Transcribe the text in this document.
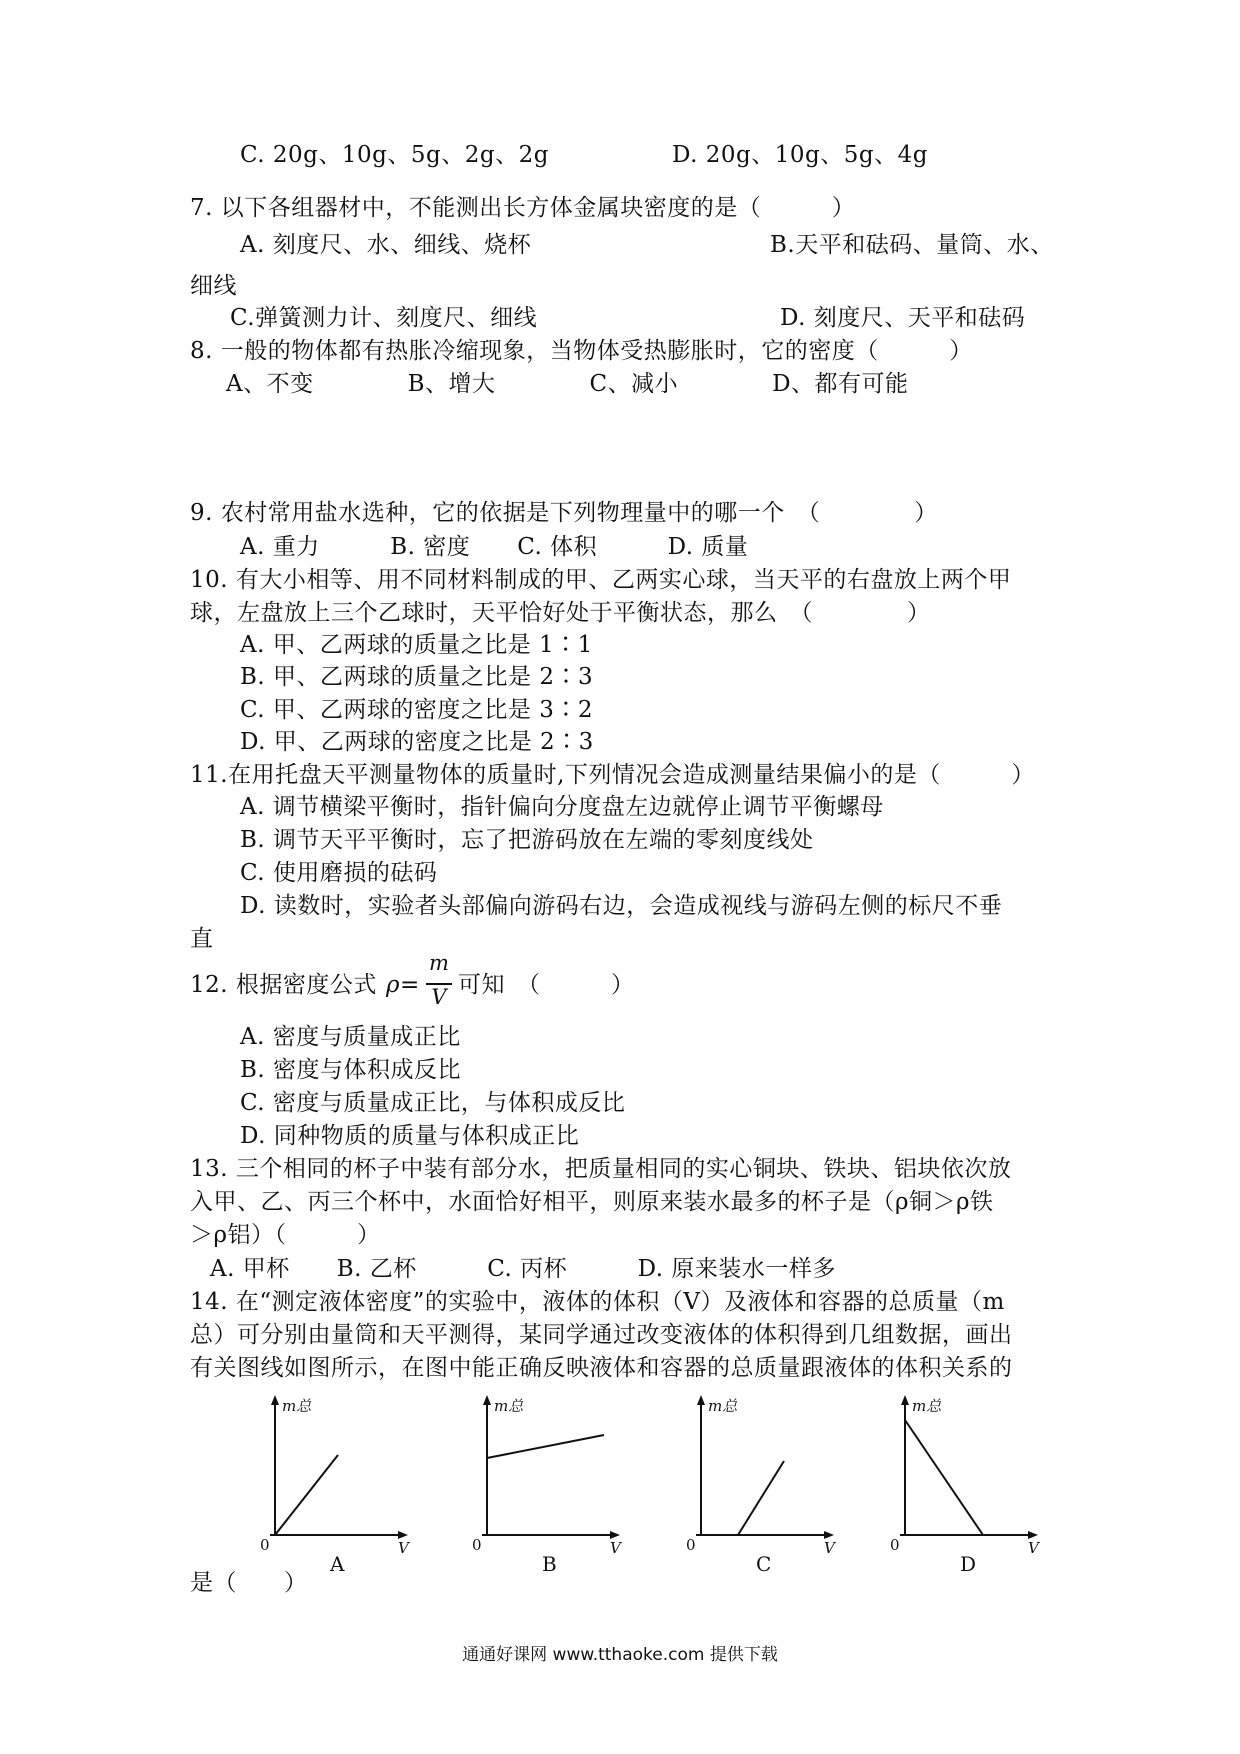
C. 20g、10g、5g、2g、2g	D. 20g、10g、5g、4g
7. 以下各组器材中，不能测出长方体金属块密度的是（　　　）
A. 刻度尺、水、细线、烧杯	B.天平和砝码、量筒、水、
细线
C.弹簧测力计、刻度尺、细线	D. 刻度尺、天平和砝码
8. 一般的物体都有热胀冷缩现象，当物体受热膨胀时，它的密度（　　　）
A、不变　　　　B、增大　　　　C、减小　　　　D、都有可能
9. 农村常用盐水选种，它的依据是下列物理量中的哪一个　（　　　　）
A. 重力　　　B. 密度　　C. 体积　　　D. 质量
10. 有大小相等、用不同材料制成的甲、乙两实心球，当天平的右盘放上两个甲
球，左盘放上三个乙球时，天平恰好处于平衡状态，那么　（　　　　）
A. 甲、乙两球的质量之比是 1∶1
B. 甲、乙两球的质量之比是 2∶3
C. 甲、乙两球的密度之比是 3∶2
D. 甲、乙两球的密度之比是 2∶3
11.在用托盘天平测量物体的质量时,下列情况会造成测量结果偏小的是（　　　）
A. 调节横梁平衡时，指针偏向分度盘左边就停止调节平衡螺母
B. 调节天平平衡时，忘了把游码放在左端的零刻度线处
C. 使用磨损的砝码
D. 读数时，实验者头部偏向游码右边，会造成视线与游码左侧的标尺不垂
直
12. 根据密度公式 ρ=
m
V 可知　（　　　）
A. 密度与质量成正比
B. 密度与体积成反比
C. 密度与质量成正比，与体积成反比
D. 同种物质的质量与体积成正比
13. 三个相同的杯子中装有部分水，把质量相同的实心铜块、铁块、铝块依次放
入甲、乙、丙三个杯中，水面恰好相平，则原来装水最多的杯子是（ρ铜＞ρ铁
＞ρ铝）（　　　）
A. 甲杯　　B. 乙杯　　　C. 丙杯　　　D. 原来装水一样多
14. 在“测定液体密度”的实验中，液体的体积（V）及液体和容器的总质量（m
总）可分别由量筒和天平测得，某同学通过改变液体的体积得到几组数据，画出
有关图线如图所示，在图中能正确反映液体和容器的总质量跟液体的体积关系的
m总
0	V
A
m总
0	V
B
m总
0	V
C
m总
0	V
D
是（　　）
通通好课网 www.tthaoke.com 提供下载
